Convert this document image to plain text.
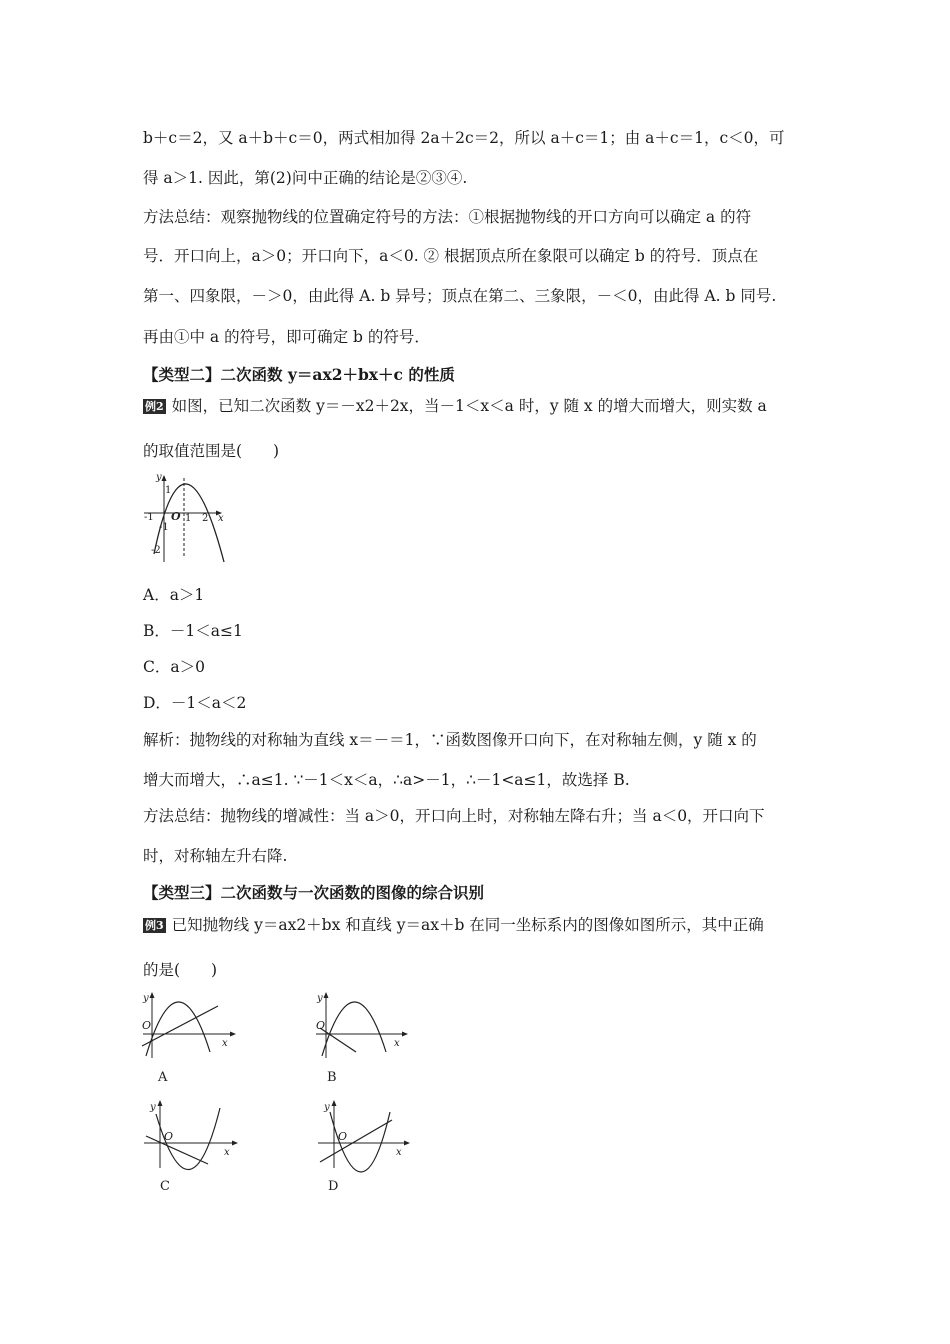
b＋c＝2，又 a＋b＋c＝0，两式相加得 2a＋2c＝2，所以 a＋c＝1；由 a＋c＝1，c＜0，可
得 a＞1. 因此，第(2)问中正确的结论是②③④.
方法总结：观察抛物线的位置确定符号的方法：①根据抛物线的开口方向可以确定 a 的符
号．开口向上，a＞0；开口向下，a＜0. ② 根据顶点所在象限可以确定 b 的符号．顶点在
第一、四象限，－＞0，由此得 A. b 异号；顶点在第二、三象限，－＜0，由此得 A. b 同号.
再由①中 a 的符号，即可确定 b 的符号．
【类型二】二次函数 y＝ax2＋bx＋c 的性质
例2 如图，已知二次函数 y＝－x2＋2x，当－1＜x＜a 时，y 随 x 的增大而增大，则实数 a
的取值范围是(　　)
y
x
O
-1	1 2
1
-1
-2
A．a＞1
B．－1＜a≤1
C．a＞0
D．－1＜a＜2
解析：抛物线的对称轴为直线 x＝－＝1，∵函数图像开口向下，在对称轴左侧，y 随 x 的
增大而增大，∴a≤1. ∵－1＜x＜a，∴a>－1，∴－1<a≤1，故选择 B.
方法总结：抛物线的增减性：当 a＞0，开口向上时，对称轴左降右升；当 a＜0，开口向下
时，对称轴左升右降.
【类型三】二次函数与一次函数的图像的综合识别
例3 已知抛物线 y＝ax2＋bx 和直线 y＝ax＋b 在同一坐标系内的图像如图所示，其中正确
的是(　　)
y
x
O
A
y
x
O
B
y
x
O
C
y
x
O
D
